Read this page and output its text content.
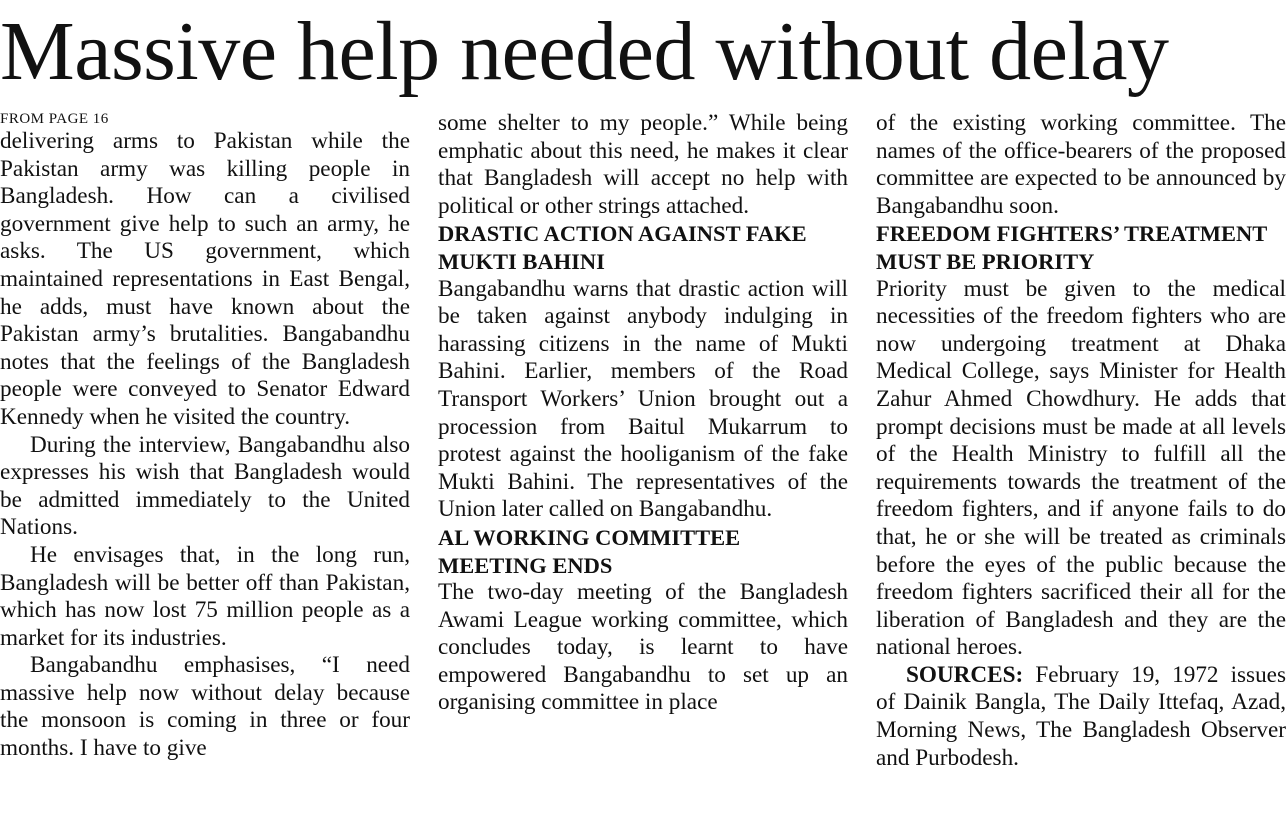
Massive help needed without delay

FROM PAGE 16

delivering arms to Pakistan while the Pakistan army was killing people in Bangladesh. How can a civilised government give help to such an army, he asks. The US government, which maintained representations in East Bengal, he adds, must have known about the Pakistan army’s brutalities. Bangabandhu notes that the feelings of the Bangladesh people were conveyed to Senator Edward Kennedy when he visited the country.

During the interview, Bangabandhu also expresses his wish that Bangladesh would be admitted immediately to the United Nations.

He envisages that, in the long run, Bangladesh will be better off than Pakistan, which has now lost 75 million people as a market for its industries.

Bangabandhu emphasises, “I need massive help now without delay because the monsoon is coming in three or four months. I have to give

some shelter to my people.” While being emphatic about this need, he makes it clear that Bangladesh will accept no help with political or other strings attached.

DRASTIC ACTION AGAINST FAKE MUKTI BAHINI

Bangabandhu warns that drastic action will be taken against anybody indulging in harassing citizens in the name of Mukti Bahini. Earlier, members of the Road Transport Workers’ Union brought out a procession from Baitul Mukarrum to protest against the hooliganism of the fake Mukti Bahini. The representatives of the Union later called on Bangabandhu.

AL WORKING COMMITTEE MEETING ENDS

The two-day meeting of the Bangladesh Awami League working committee, which concludes today, is learnt to have empowered Bangabandhu to set up an organising committee in place

of the existing working committee. The names of the office-bearers of the proposed committee are expected to be announced by Bangabandhu soon.

FREEDOM FIGHTERS’ TREATMENT MUST BE PRIORITY

Priority must be given to the medical necessities of the freedom fighters who are now undergoing treatment at Dhaka Medical College, says Minister for Health Zahur Ahmed Chowdhury. He adds that prompt decisions must be made at all levels of the Health Ministry to fulfill all the requirements towards the treatment of the freedom fighters, and if anyone fails to do that, he or she will be treated as criminals before the eyes of the public because the freedom fighters sacrificed their all for the liberation of Bangladesh and they are the national heroes.

SOURCES: February 19, 1972 issues of Dainik Bangla, The Daily Ittefaq, Azad, Morning News, The Bangladesh Observer and Purbodesh.
